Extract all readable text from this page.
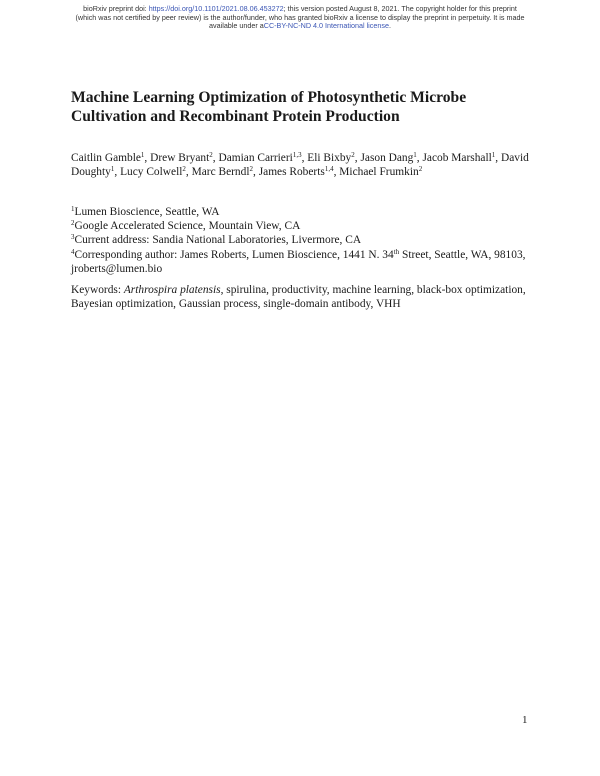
bioRxiv preprint doi: https://doi.org/10.1101/2021.08.06.453272; this version posted August 8, 2021. The copyright holder for this preprint
(which was not certified by peer review) is the author/funder, who has granted bioRxiv a license to display the preprint in perpetuity. It is made
available under aCC-BY-NC-ND 4.0 International license.
Machine Learning Optimization of Photosynthetic Microbe Cultivation and Recombinant Protein Production
Caitlin Gamble$^1$, Drew Bryant$^2$, Damian Carrieri$^{1,3}$, Eli Bixby$^2$, Jason Dang$^1$, Jacob Marshall$^1$, David Doughty$^1$, Lucy Colwell$^2$, Marc Berndl$^2$, James Roberts$^{1,4}$, Michael Frumkin$^2$
$^1$Lumen Bioscience, Seattle, WA
$^2$Google Accelerated Science, Mountain View, CA
$^3$Current address: Sandia National Laboratories, Livermore, CA
$^4$Corresponding author: James Roberts, Lumen Bioscience, 1441 N. 34th Street, Seattle, WA, 98103, jroberts@lumen.bio
Keywords: Arthrospira platensis, spirulina, productivity, machine learning, black-box optimization, Bayesian optimization, Gaussian process, single-domain antibody, VHH
1
